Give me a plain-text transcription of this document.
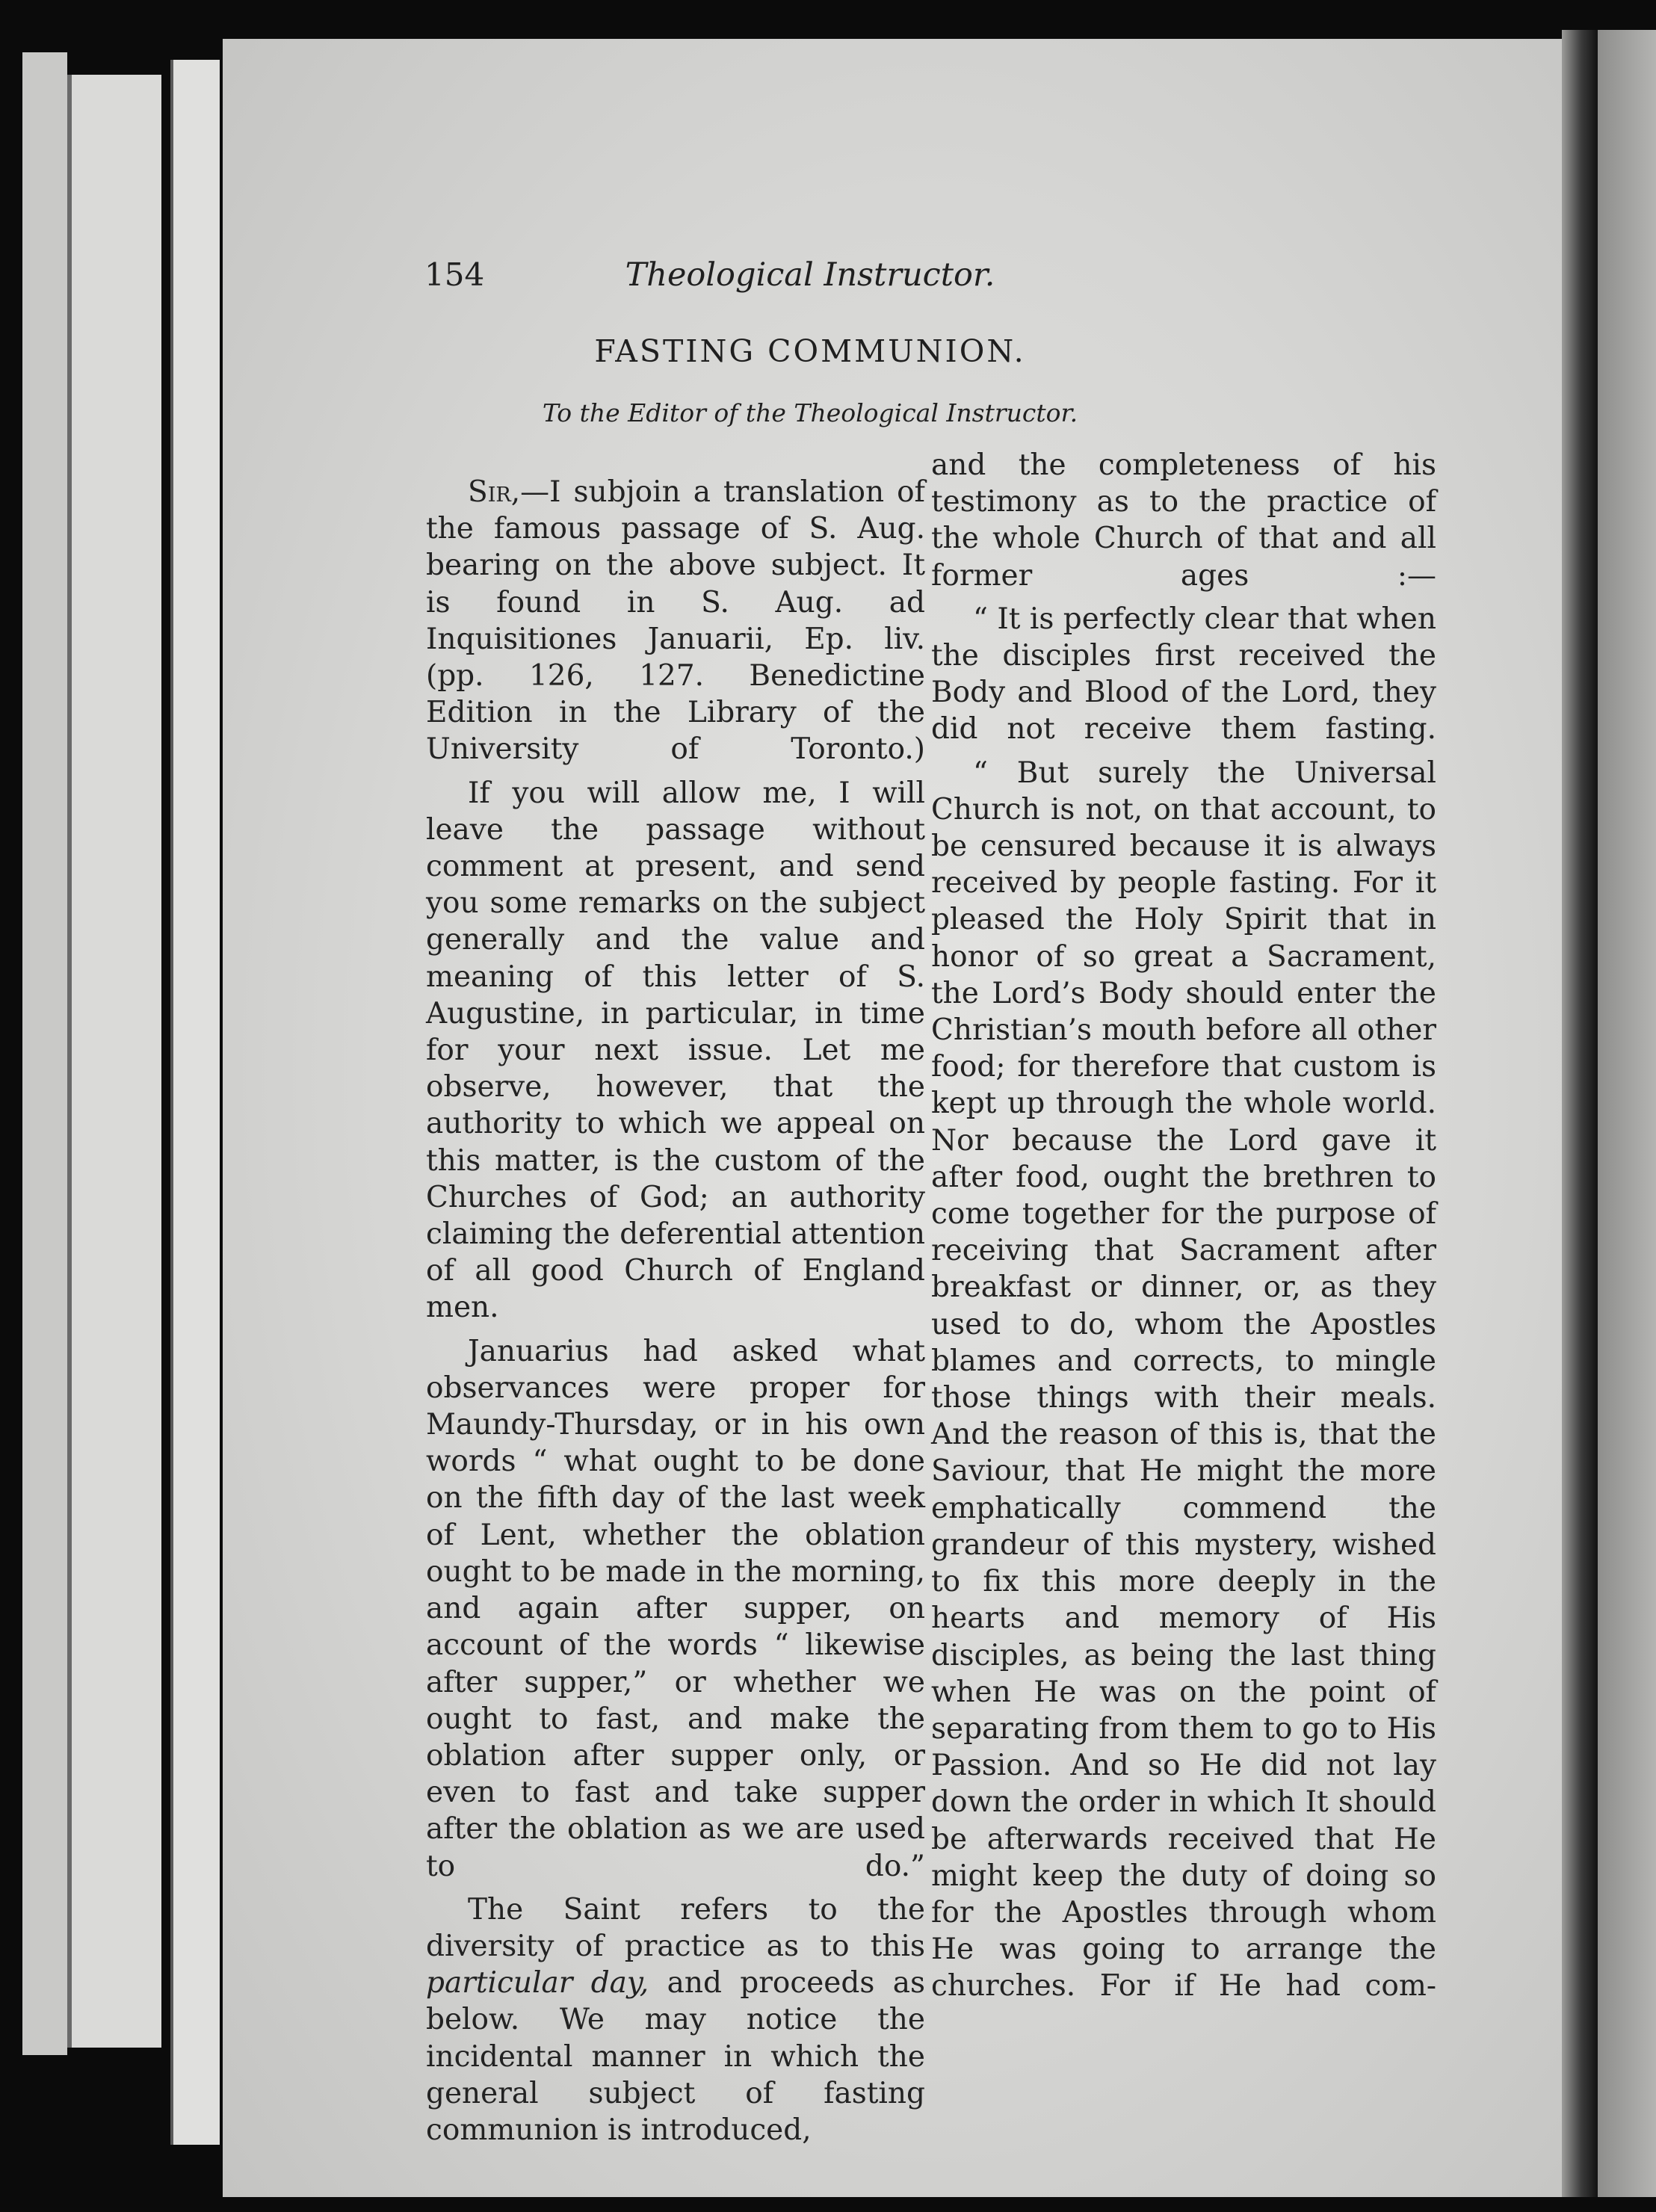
154	Theological Instructor.
FASTING COMMUNION.
To the Editor of the Theological Instructor.

Sir,—I subjoin a translation of the famous passage of S. Aug. bearing on the above subject. It is found in S. Aug. ad Inquisitiones Januarii, Ep. liv. (pp. 126, 127. Benedictine Edition in the Library of the University of Toronto.)

If you will allow me, I will leave the passage without comment at present, and send you some remarks on the subject generally and the value and meaning of this letter of S. Augustine, in particular, in time for your next issue. Let me observe, however, that the authority to which we appeal on this matter, is the custom of the Churches of God; an authority claiming the deferential attention of all good Church of England men.

Januarius had asked what observances were proper for Maundy-Thursday, or in his own words “ what ought to be done on the fifth day of the last week of Lent, whether the oblation ought to be made in the morning, and again after supper, on account of the words “ likewise after supper,” or whether we ought to fast, and make the oblation after supper only, or even to fast and take supper after the oblation as we are used to do.”

The Saint refers to the diversity of practice as to this particular day, and proceeds as below. We may notice the incidental manner in which the general subject of fasting communion is introduced,

and the completeness of his testimony as to the practice of the whole Church of that and all former ages :—

“ It is perfectly clear that when the disciples first received the Body and Blood of the Lord, they did not receive them fasting.

“ But surely the Universal Church is not, on that account, to be censured because it is always received by people fasting. For it pleased the Holy Spirit that in honor of so great a Sacrament, the Lord’s Body should enter the Christian’s mouth before all other food; for therefore that custom is kept up through the whole world. Nor because the Lord gave it after food, ought the brethren to come together for the purpose of receiving that Sacrament after breakfast or dinner, or, as they used to do, whom the Apostles blames and corrects, to mingle those things with their meals. And the reason of this is, that the Saviour, that He might the more emphatically commend the grandeur of this mystery, wished to fix this more deeply in the hearts and memory of His disciples, as being the last thing when He was on the point of separating from them to go to His Passion. And so He did not lay down the order in which It should be afterwards received that He might keep the duty of doing so for the Apostles through whom He was going to arrange the churches. For if He had com-
